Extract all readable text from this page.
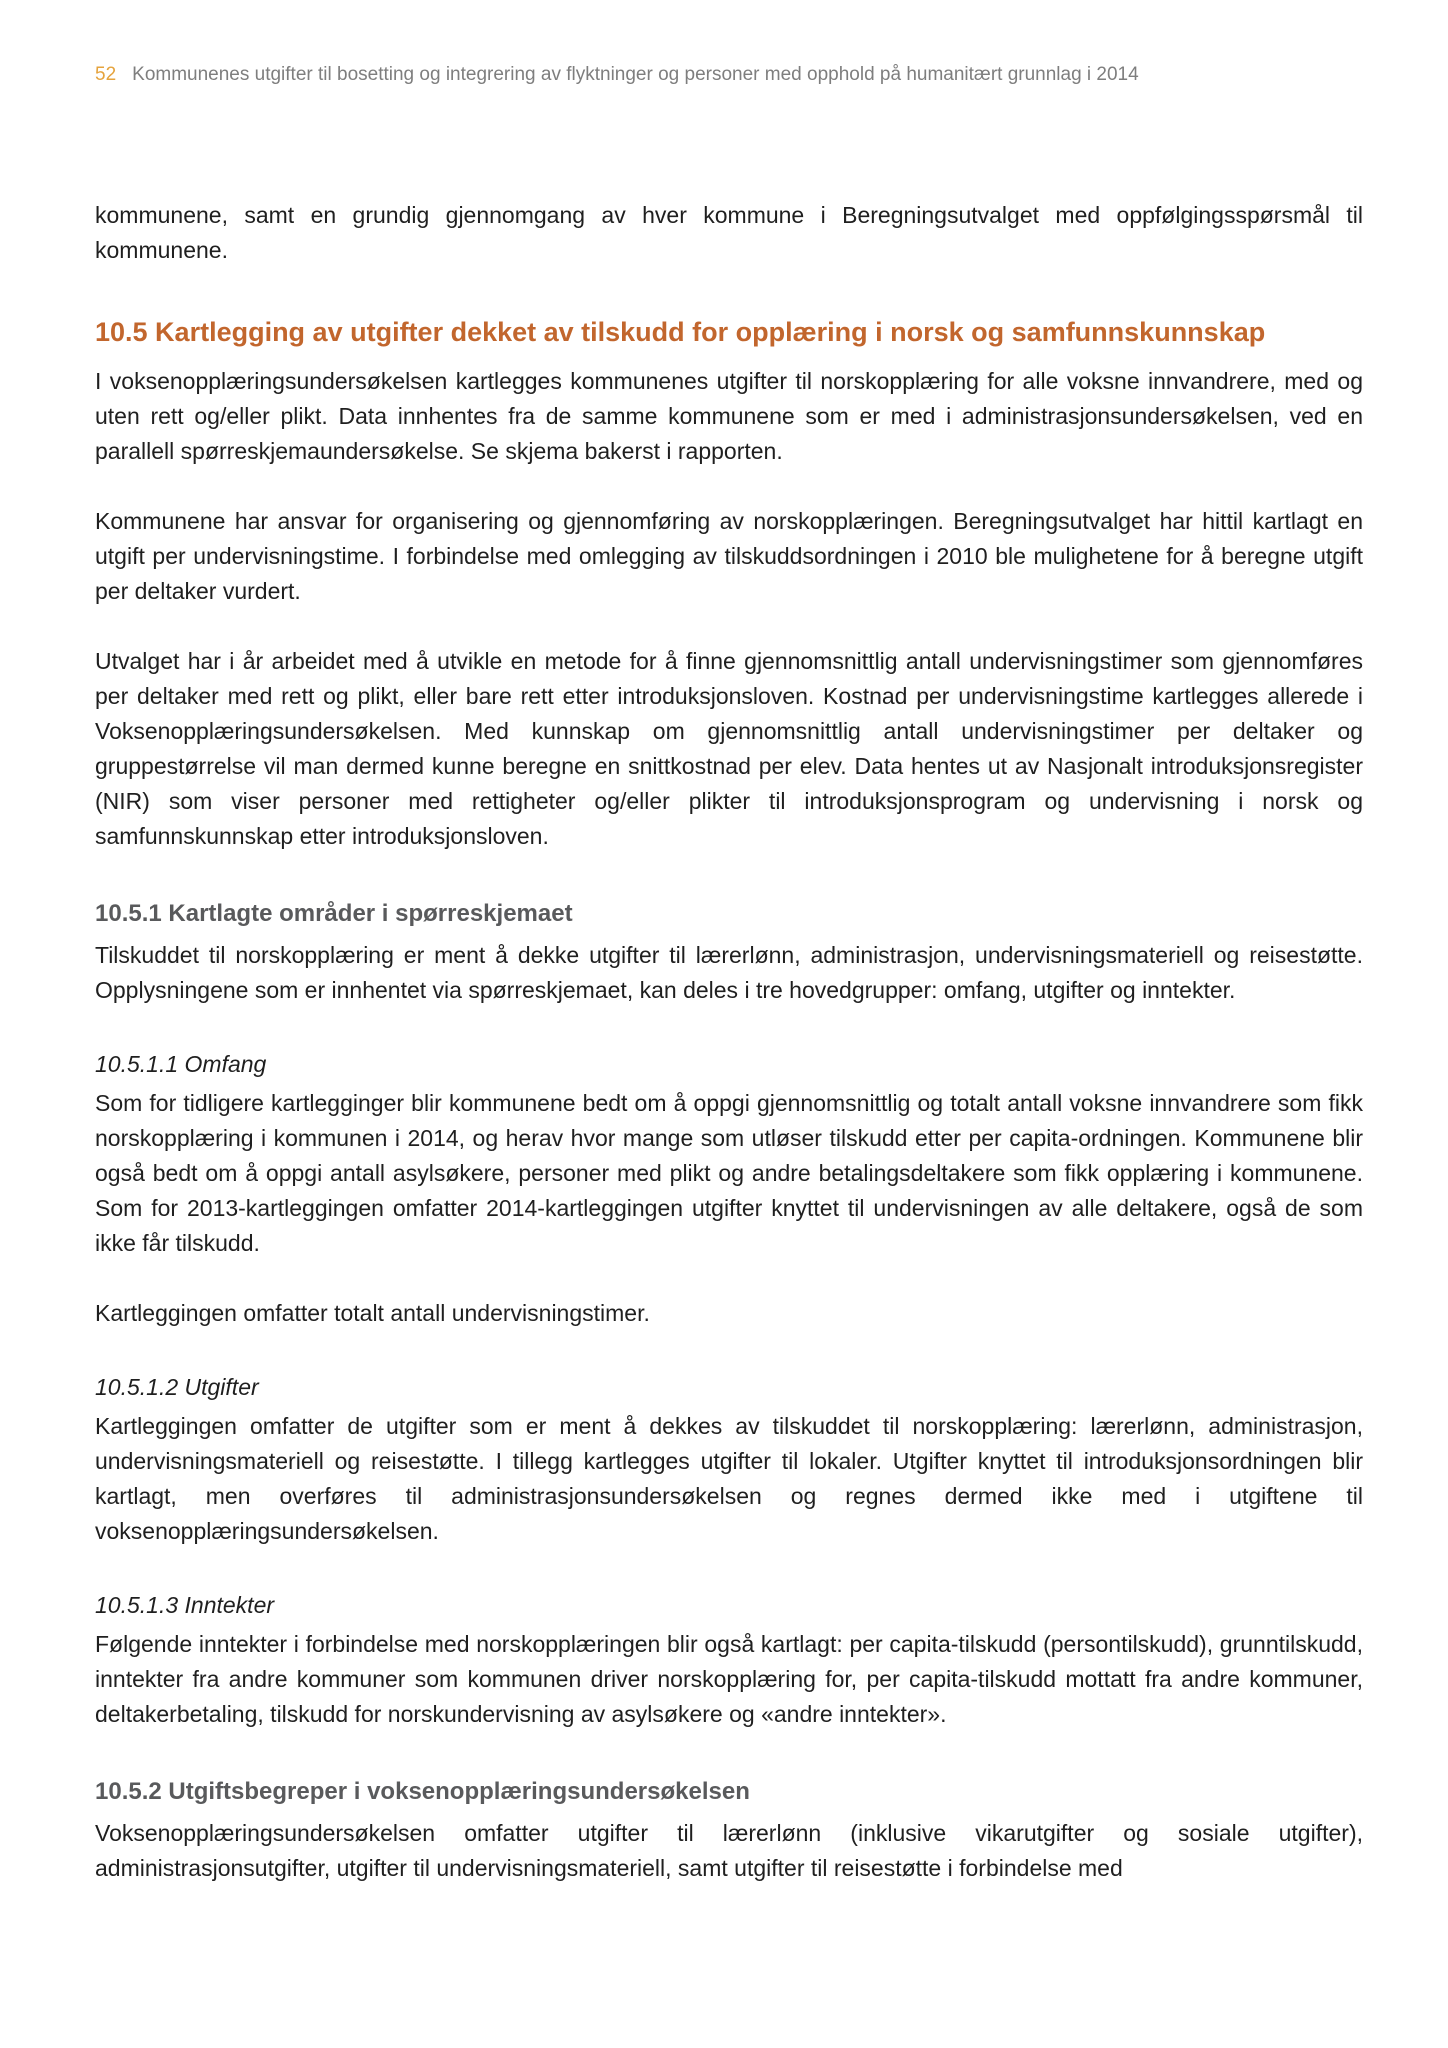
52 Kommunenes utgifter til bosetting og integrering av flyktninger og personer med opphold på humanitært grunnlag i 2014

kommunene, samt en grundig gjennomgang av hver kommune i Beregningsutvalget med oppfølgingsspørsmål til kommunene.

10.5 Kartlegging av utgifter dekket av tilskudd for opplæring i norsk og samfunnskunnskap

I voksenopplæringsundersøkelsen kartlegges kommunenes utgifter til norskopplæring for alle voksne innvandrere, med og uten rett og/eller plikt. Data innhentes fra de samme kommunene som er med i administrasjonsundersøkelsen, ved en parallell spørreskjemaundersøkelse. Se skjema bakerst i rapporten.

Kommunene har ansvar for organisering og gjennomføring av norskopplæringen. Beregningsutvalget har hittil kartlagt en utgift per undervisningstime. I forbindelse med omlegging av tilskuddsordningen i 2010 ble mulighetene for å beregne utgift per deltaker vurdert.

Utvalget har i år arbeidet med å utvikle en metode for å finne gjennomsnittlig antall undervisningstimer som gjennomføres per deltaker med rett og plikt, eller bare rett etter introduksjonsloven. Kostnad per undervisningstime kartlegges allerede i Voksenopplæringsundersøkelsen. Med kunnskap om gjennomsnittlig antall undervisningstimer per deltaker og gruppestørrelse vil man dermed kunne beregne en snittkostnad per elev. Data hentes ut av Nasjonalt introduksjonsregister (NIR) som viser personer med rettigheter og/eller plikter til introduksjonsprogram og undervisning i norsk og samfunnskunnskap etter introduksjonsloven.

10.5.1 Kartlagte områder i spørreskjemaet

Tilskuddet til norskopplæring er ment å dekke utgifter til lærerlønn, administrasjon, undervisningsmateriell og reisestøtte. Opplysningene som er innhentet via spørreskjemaet, kan deles i tre hovedgrupper: omfang, utgifter og inntekter.

10.5.1.1 Omfang

Som for tidligere kartlegginger blir kommunene bedt om å oppgi gjennomsnittlig og totalt antall voksne innvandrere som fikk norskopplæring i kommunen i 2014, og herav hvor mange som utløser tilskudd etter per capita-ordningen. Kommunene blir også bedt om å oppgi antall asylsøkere, personer med plikt og andre betalingsdeltakere som fikk opplæring i kommunene. Som for 2013-kartleggingen omfatter 2014-kartleggingen utgifter knyttet til undervisningen av alle deltakere, også de som ikke får tilskudd.

Kartleggingen omfatter totalt antall undervisningstimer.

10.5.1.2 Utgifter

Kartleggingen omfatter de utgifter som er ment å dekkes av tilskuddet til norskopplæring: lærerlønn, administrasjon, undervisningsmateriell og reisestøtte. I tillegg kartlegges utgifter til lokaler. Utgifter knyttet til introduksjonsordningen blir kartlagt, men overføres til administrasjonsundersøkelsen og regnes dermed ikke med i utgiftene til voksenopplæringsundersøkelsen.

10.5.1.3 Inntekter

Følgende inntekter i forbindelse med norskopplæringen blir også kartlagt: per capita-tilskudd (persontilskudd), grunntilskudd, inntekter fra andre kommuner som kommunen driver norskopplæring for, per capita-tilskudd mottatt fra andre kommuner, deltakerbetaling, tilskudd for norskundervisning av asylsøkere og «andre inntekter».

10.5.2 Utgiftsbegreper i voksenopplæringsundersøkelsen

Voksenopplæringsundersøkelsen omfatter utgifter til lærerlønn (inklusive vikarutgifter og sosiale utgifter), administrasjonsutgifter, utgifter til undervisningsmateriell, samt utgifter til reisestøtte i forbindelse med
